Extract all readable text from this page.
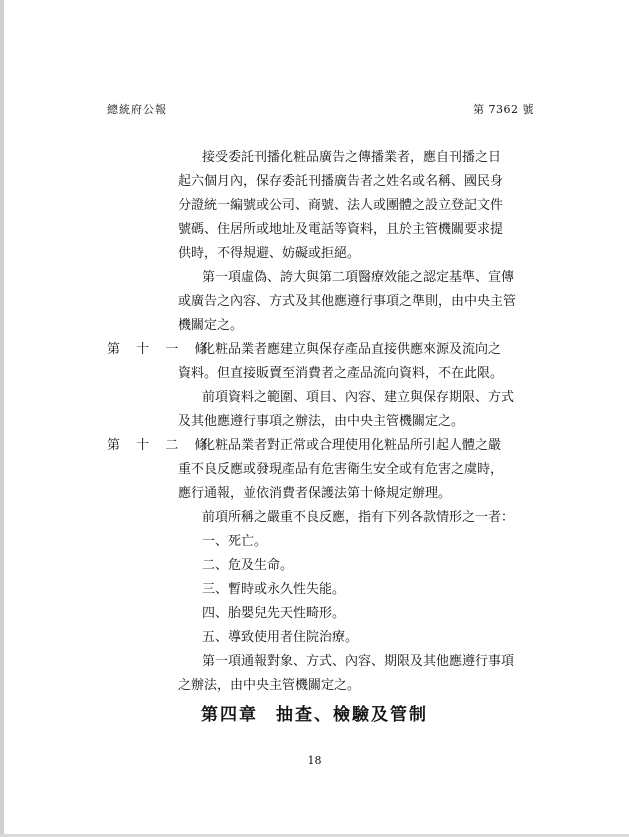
總統府公報	第 7362 號
接受委託刊播化粧品廣告之傳播業者，應自刊播之日
起六個月內，保存委託刊播廣告者之姓名或名稱、國民身
分證統一編號或公司、商號、法人或團體之設立登記文件
號碼、住居所或地址及電話等資料，且於主管機關要求提
供時，不得規避、妨礙或拒絕。
第一項虛偽、誇大與第二項醫療效能之認定基準、宣傳
或廣告之內容、方式及其他應遵行事項之準則，由中央主管
機關定之。
第 十 一 條
化粧品業者應建立與保存產品直接供應來源及流向之
資料。但直接販賣至消費者之產品流向資料，不在此限。
前項資料之範圍、項目、內容、建立與保存期限、方式
及其他應遵行事項之辦法，由中央主管機關定之。
第 十 二 條
化粧品業者對正常或合理使用化粧品所引起人體之嚴
重不良反應或發現產品有危害衛生安全或有危害之虞時，
應行通報，並依消費者保護法第十條規定辦理。
前項所稱之嚴重不良反應，指有下列各款情形之一者：
一、死亡。
二、危及生命。
三、暫時或永久性失能。
四、胎嬰兒先天性畸形。
五、導致使用者住院治療。
第一項通報對象、方式、內容、期限及其他應遵行事項
之辦法，由中央主管機關定之。
第四章 抽查、檢驗及管制
18
